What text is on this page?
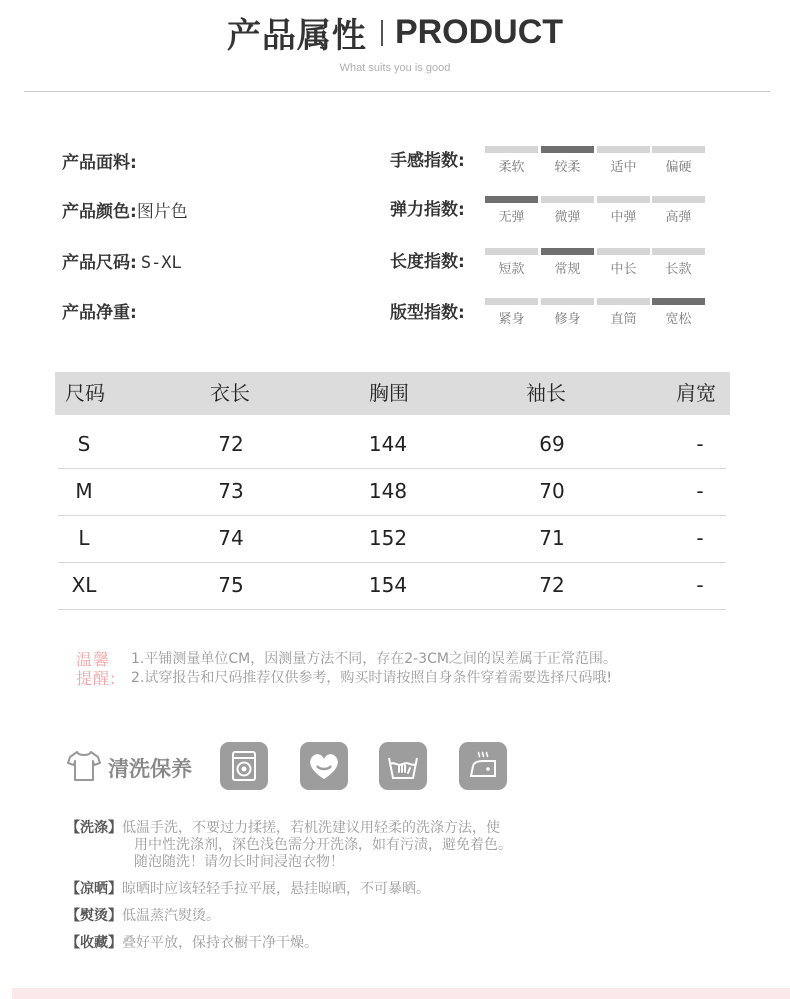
产品属性 PRODUCT
What suits you is good
产品面料:
产品颜色:图片色
产品尺码: S-XL
产品净重:
手感指数:	柔软	较柔	适中	偏硬
弹力指数:	无弹	微弹	中弹	高弹
长度指数:	短款	常规	中长	长款
版型指数:	紧身	修身	直筒	宽松
尺码	衣长	胸围	袖长	肩宽
S	72	144	69	-
M	73	148	70	-
L	74	152	71	-
XL	75	154	72	-
温馨
提醒:
1.平铺测量单位CM，因测量方法不同，存在2-3CM之间的误差属于正常范围。
2.试穿报告和尺码推荐仅供参考，购买时请按照自身条件穿着需要选择尺码哦!
清洗保养
【洗涤】低温手洗，不要过力揉搓，若机洗建议用轻柔的洗涤方法，使
用中性洗涤剂，深色浅色需分开洗涤，如有污渍，避免着色。
随泡随洗！请勿长时间浸泡衣物！
【凉晒】晾晒时应该轻轻手拉平展，悬挂晾晒，不可暴晒。
【熨烫】低温蒸汽熨烫。
【收藏】叠好平放，保持衣橱干净干燥。
